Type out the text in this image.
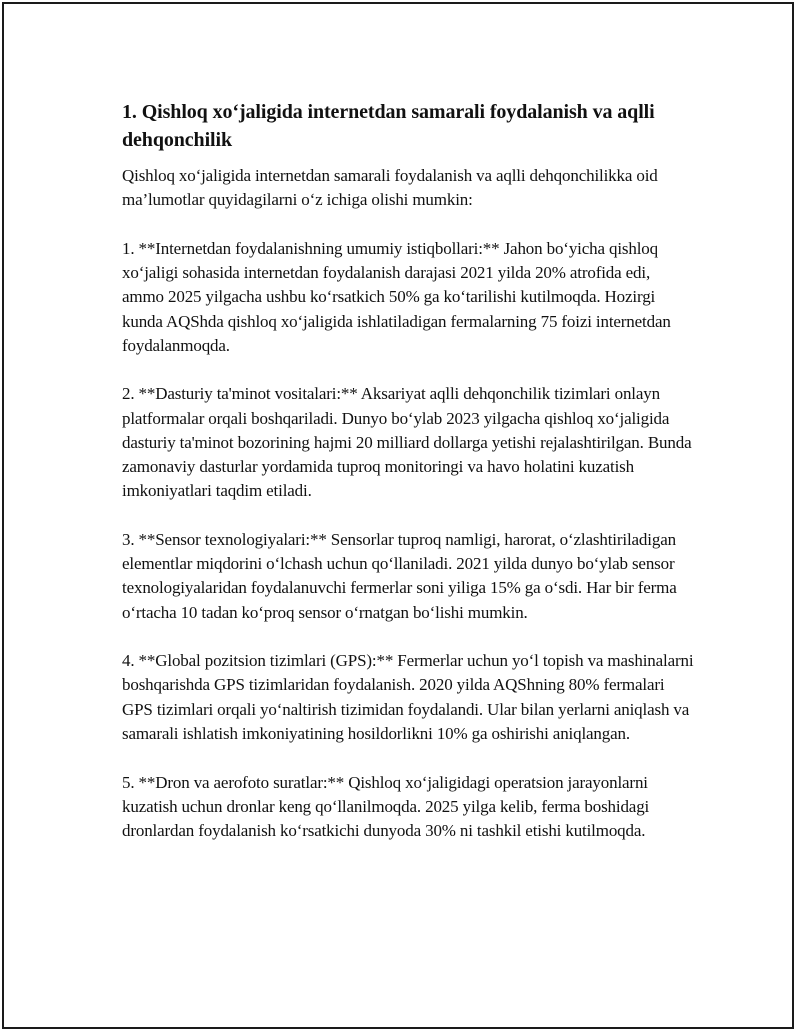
1. Qishloq xo‘jaligida internetdan samarali foydalanish va aqlli dehqonchilik

Qishloq xo‘jaligida internetdan samarali foydalanish va aqlli dehqonchilikka oid ma’lumotlar quyidagilarni o‘z ichiga olishi mumkin:

1. **Internetdan foydalanishning umumiy istiqbollari:** Jahon bo‘yicha qishloq xo‘jaligi sohasida internetdan foydalanish darajasi 2021 yilda 20% atrofida edi, ammo 2025 yilgacha ushbu ko‘rsatkich 50% ga ko‘tarilishi kutilmoqda. Hozirgi kunda AQShda qishloq xo‘jaligida ishlatiladigan fermalarning 75 foizi internetdan foydalanmoqda.

2. **Dasturiy ta'minot vositalari:** Aksariyat aqlli dehqonchilik tizimlari onlayn platformalar orqali boshqariladi. Dunyo bo‘ylab 2023 yilgacha qishloq xo‘jaligida dasturiy ta'minot bozorining hajmi 20 milliard dollarga yetishi rejalashtirilgan. Bunda zamonaviy dasturlar yordamida tuproq monitoringi va havo holatini kuzatish imkoniyatlari taqdim etiladi.

3. **Sensor texnologiyalari:** Sensorlar tuproq namligi, harorat, o‘zlashtiriladigan elementlar miqdorini o‘lchash uchun qo‘llaniladi. 2021 yilda dunyo bo‘ylab sensor texnologiyalaridan foydalanuvchi fermerlar soni yiliga 15% ga o‘sdi. Har bir ferma o‘rtacha 10 tadan ko‘proq sensor o‘rnatgan bo‘lishi mumkin.

4. **Global pozitsion tizimlari (GPS):** Fermerlar uchun yo‘l topish va mashinalarni boshqarishda GPS tizimlaridan foydalanish. 2020 yilda AQShning 80% fermalari GPS tizimlari orqali yo‘naltirish tizimidan foydalandi. Ular bilan yerlarni aniqlash va samarali ishlatish imkoniyatining hosildorlikni 10% ga oshirishi aniqlangan.

5. **Dron va aerofoto suratlar:** Qishloq xo‘jaligidagi operatsion jarayonlarni kuzatish uchun dronlar keng qo‘llanilmoqda. 2025 yilga kelib, ferma boshidagi dronlardan foydalanish ko‘rsatkichi dunyoda 30% ni tashkil etishi kutilmoqda.
